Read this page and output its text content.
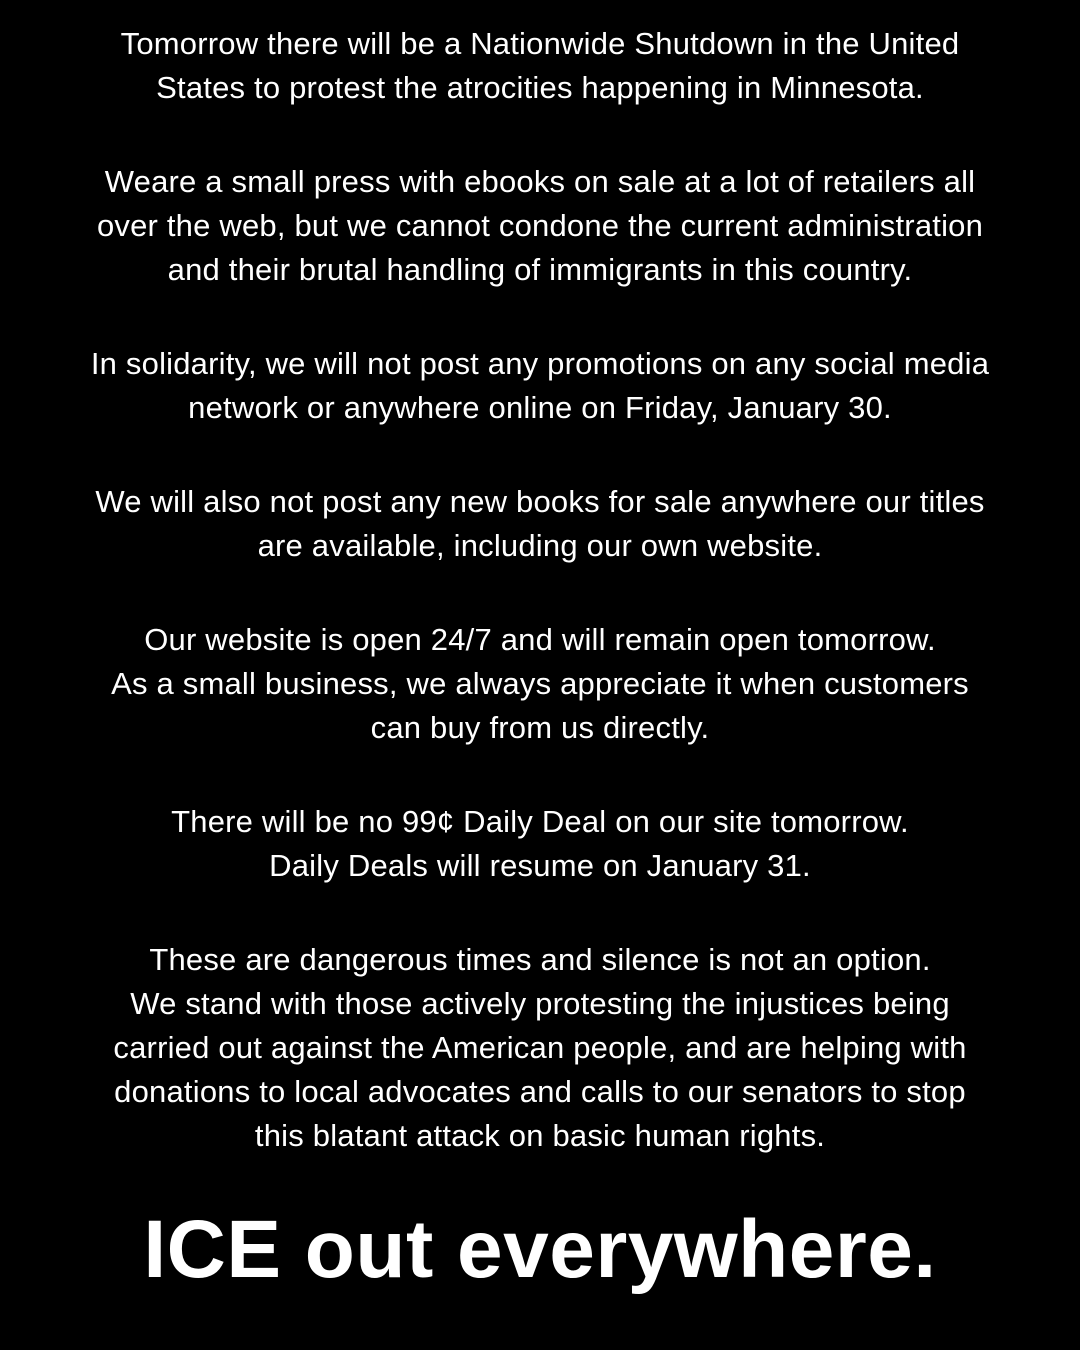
Tomorrow there will be a Nationwide Shutdown in the United
States to protest the atrocities happening in Minnesota.
Weare a small press with ebooks on sale at a lot of retailers all
over the web, but we cannot condone the current administration
and their brutal handling of immigrants in this country.
In solidarity, we will not post any promotions on any social media
network or anywhere online on Friday, January 30.
We will also not post any new books for sale anywhere our titles
are available, including our own website.
Our website is open 24/7 and will remain open tomorrow.
As a small business, we always appreciate it when customers
can buy from us directly.
There will be no 99¢ Daily Deal on our site tomorrow.
Daily Deals will resume on January 31.
These are dangerous times and silence is not an option.
We stand with those actively protesting the injustices being
carried out against the American people, and are helping with
donations to local advocates and calls to our senators to stop
this blatant attack on basic human rights.
ICE out everywhere.
